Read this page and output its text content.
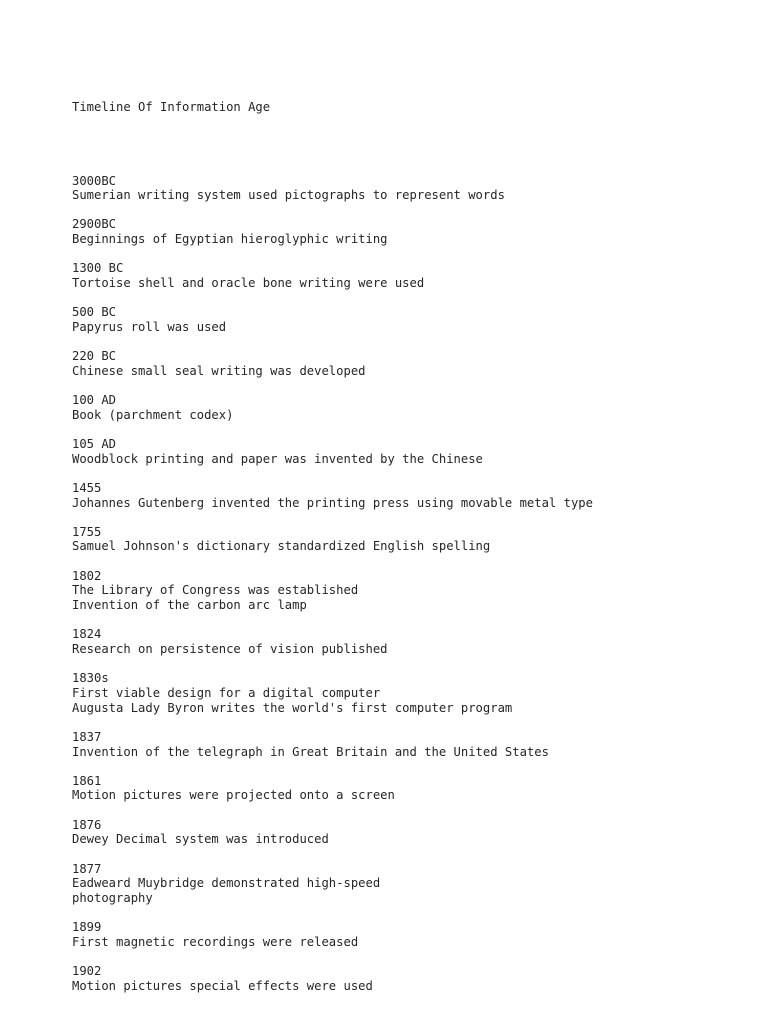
Timeline Of Information Age

3000BC
Sumerian writing system used pictographs to represent words
2900BC
Beginnings of Egyptian hieroglyphic writing
1300 BC
Tortoise shell and oracle bone writing were used
500 BC
Papyrus roll was used
220 BC
Chinese small seal writing was developed
100 AD
Book (parchment codex)
105 AD
Woodblock printing and paper was invented by the Chinese
1455
Johannes Gutenberg invented the printing press using movable metal type
1755
Samuel Johnson's dictionary standardized English spelling
1802
The Library of Congress was established
Invention of the carbon arc lamp
1824
Research on persistence of vision published
1830s
First viable design for a digital computer
Augusta Lady Byron writes the world's first computer program
1837
Invention of the telegraph in Great Britain and the United States
1861
Motion pictures were projected onto a screen
1876
Dewey Decimal system was introduced
1877
Eadweard Muybridge demonstrated high-speed
photography
1899
First magnetic recordings were released
1902
Motion pictures special effects were used
